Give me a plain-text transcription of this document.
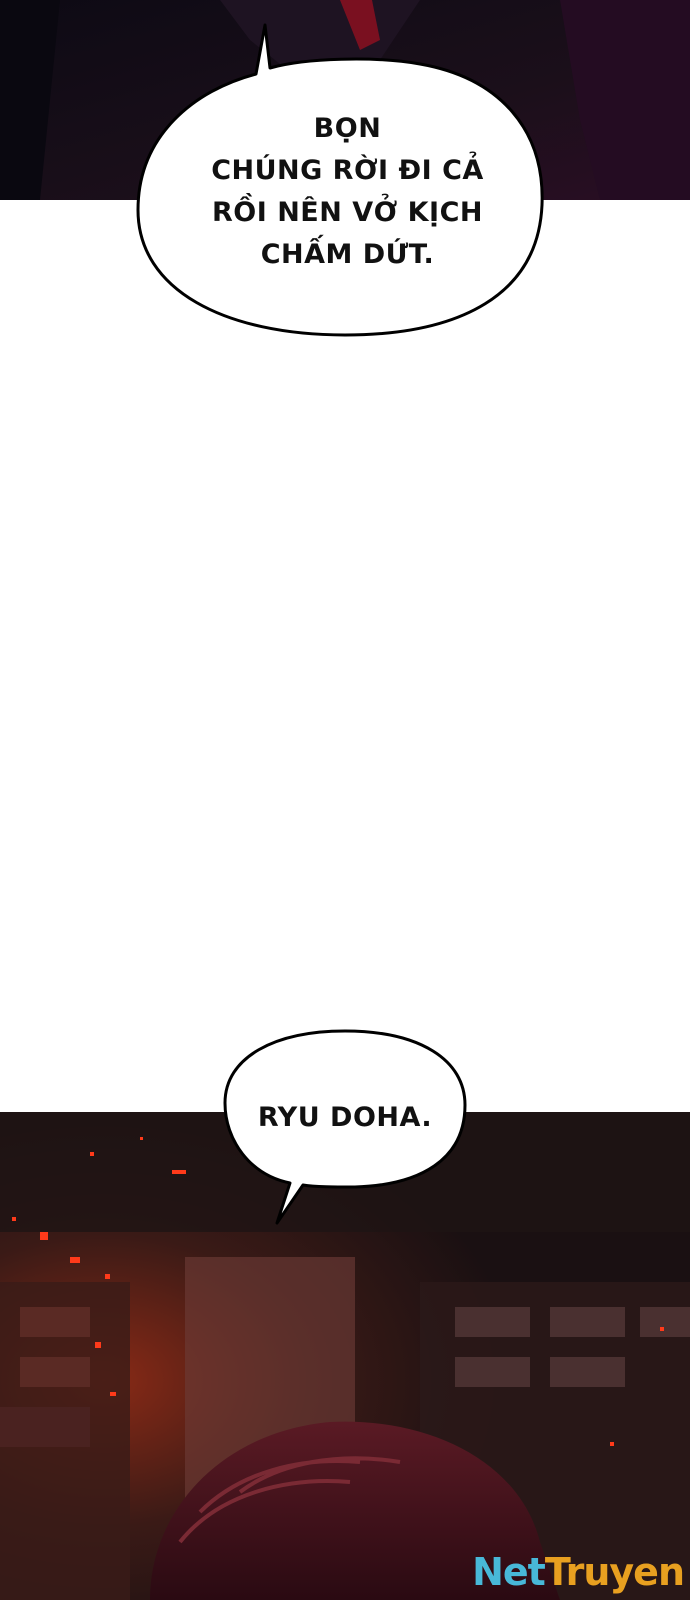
BỌN
CHÚNG RỜI ĐI CẢ
RỒI NÊN VỞ KỊCH
CHẤM DỨT.
RYU DOHA.
NetTruyen
